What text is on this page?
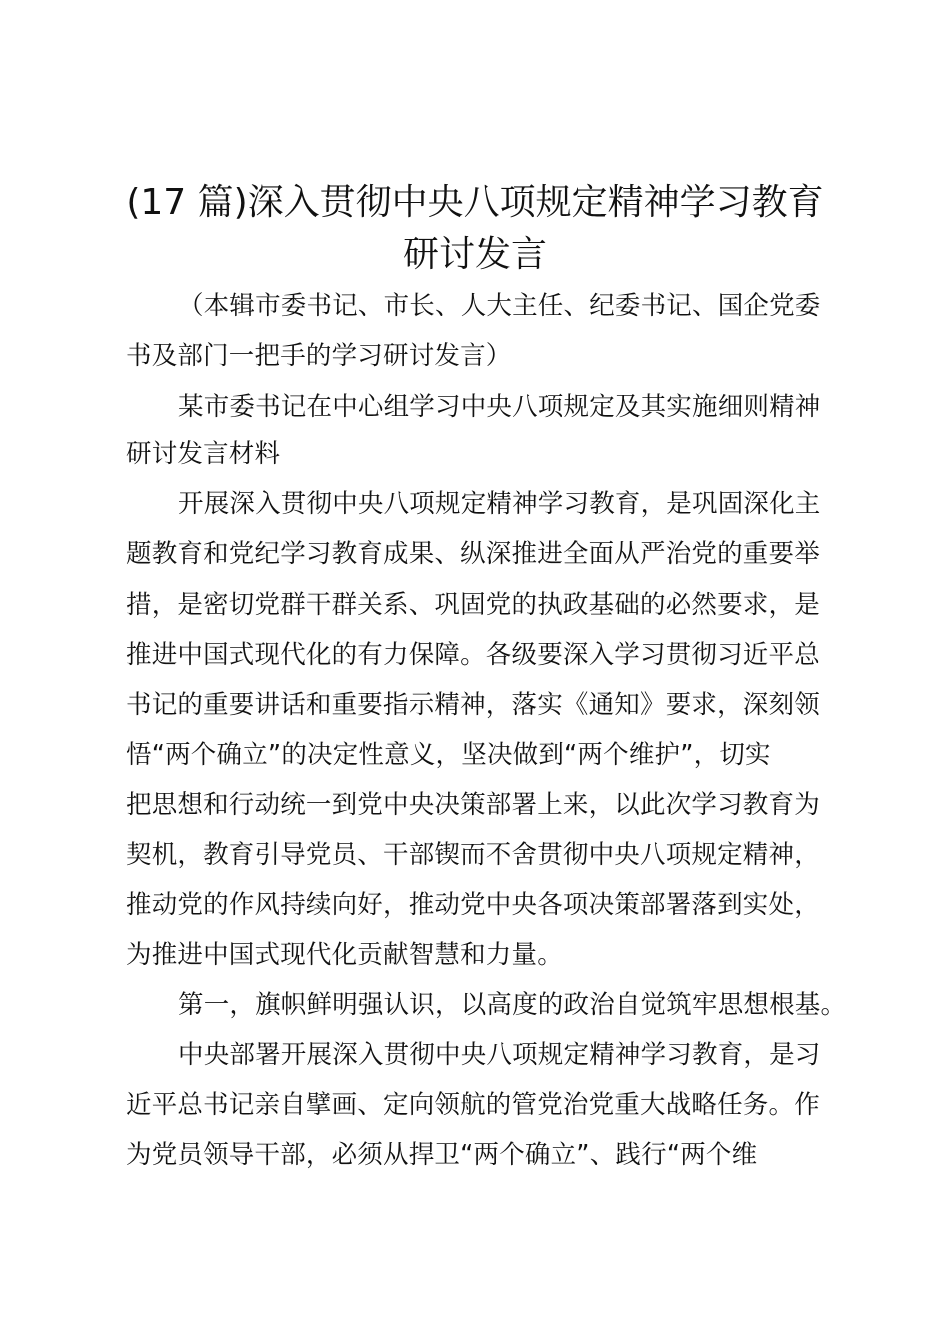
(17 篇)深入贯彻中央八项规定精神学习教育
研讨发言
（本辑市委书记、市长、人大主任、纪委书记、国企党委
书及部门一把手的学习研讨发言）
某市委书记在中心组学习中央八项规定及其实施细则精神
研讨发言材料
开展深入贯彻中央八项规定精神学习教育，是巩固深化主
题教育和党纪学习教育成果、纵深推进全面从严治党的重要举
措，是密切党群干群关系、巩固党的执政基础的必然要求，是
推进中国式现代化的有力保障。各级要深入学习贯彻习近平总
书记的重要讲话和重要指示精神，落实《通知》要求，深刻领
悟“两个确立”的决定性意义，坚决做到“两个维护”，切实
把思想和行动统一到党中央决策部署上来，以此次学习教育为
契机，教育引导党员、干部锲而不舍贯彻中央八项规定精神，
推动党的作风持续向好，推动党中央各项决策部署落到实处，
为推进中国式现代化贡献智慧和力量。
第一，旗帜鲜明强认识，以高度的政治自觉筑牢思想根基。
中央部署开展深入贯彻中央八项规定精神学习教育，是习
近平总书记亲自擘画、定向领航的管党治党重大战略任务。作
为党员领导干部，必须从捍卫“两个确立”、践行“两个维
